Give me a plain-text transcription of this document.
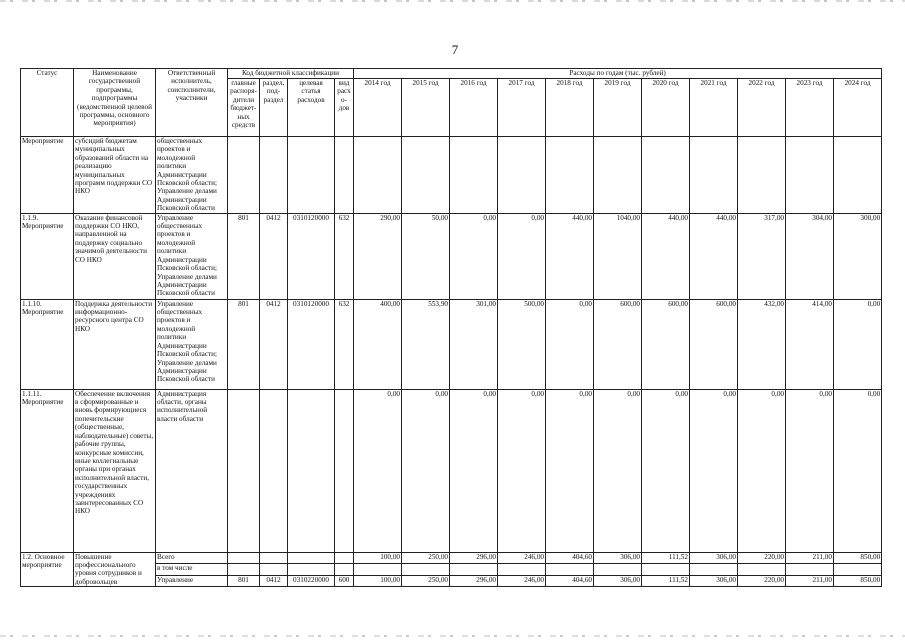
7
Статус	Наименование государственной программы, подпрограммы (ведомственной целевой программы, основного мероприятия)	Ответственный исполнитель, соисполнители, участники	Код бюджетной классификации				Расходы по годам (тыс. рублей)										
			главные распоря-дители бюджет-ных средств	раздел, под-раздел	целевая статья расходов	вид расхо-дов	2014 год	2015 год	2016 год	2017 год	2018 год	2019 год	2020 год	2021 год	2022 год	2023 год	2024 год
Мероприятие	субсидий бюджетам муниципальных образований области на реализацию муниципальных программ поддержки СО НКО	общественных проектов и молодежной политики Администрации Псковской области; Управление делами Администрации Псковской области															
1.1.9. Мероприятие	Оказание финансовой поддержки СО НКО, направленной на поддержку социально значимой деятельности СО НКО	Управление общественных проектов и молодежной политики Администрации Псковской области; Управление делами Администрации Псковской области	801	0412	0310120000	632	290,00	50,00	0,00	0,00	440,00	1040,00	440,00	440,00	317,00	304,00	300,00
1.1.10. Мероприятие	Поддержка деятельности информационно-ресурсного центра СО НКО	Управление общественных проектов и молодежной политики Администрации Псковской области; Управление делами Администрации Псковской области	801	0412	0310120000	632	400,00	553,90	301,00	500,00	0,00	600,00	600,00	600,00	432,00	414,00	0,00
1.1.11. Мероприятие	Обеспечение включения в сформированные и вновь формирующиеся попечительские (общественные, наблюдательные) советы, рабочие группы, конкурсные комиссии, иные коллегиальные органы при органах исполнительной власти, государственных учреждениях заинтересованных СО НКО	Администрация области, органы исполнительной власти области					0,00	0,00	0,00	0,00	0,00	0,00	0,00	0,00	0,00	0,00	0,00
1.2. Основное мероприятие	Повышение профессионального уровня сотрудников и добровольцев	Всего					100,00	250,00	296,00	246,00	404,60	306,00	111,52	306,00	220,00	211,00	850,00
		в том числе															
		Управление	801	0412	0310220000	600	100,00	250,00	296,00	246,00	404,60	306,00	111,52	306,00	220,00	211,00	850,00
